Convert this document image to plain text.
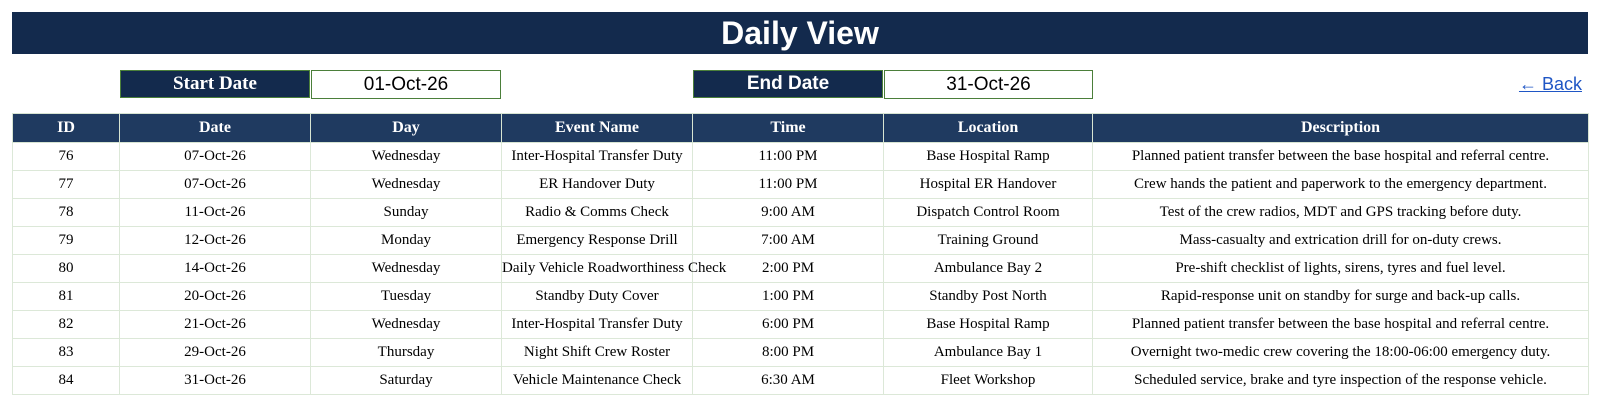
Daily View
Start Date	01-Oct-26	End Date	31-Oct-26	← Back
ID	Date	Day	Event Name	Time	Location	Description
76	07-Oct-26	Wednesday	Inter-Hospital Transfer Duty	11:00 PM	Base Hospital Ramp	Planned patient transfer between the base hospital and referral centre.
77	07-Oct-26	Wednesday	ER Handover Duty	11:00 PM	Hospital ER Handover	Crew hands the patient and paperwork to the emergency department.
78	11-Oct-26	Sunday	Radio & Comms Check	9:00 AM	Dispatch Control Room	Test of the crew radios, MDT and GPS tracking before duty.
79	12-Oct-26	Monday	Emergency Response Drill	7:00 AM	Training Ground	Mass-casualty and extrication drill for on-duty crews.
80	14-Oct-26	Wednesday	Daily Vehicle Roadworthiness Check	2:00 PM	Ambulance Bay 2	Pre-shift checklist of lights, sirens, tyres and fuel level.
81	20-Oct-26	Tuesday	Standby Duty Cover	1:00 PM	Standby Post North	Rapid-response unit on standby for surge and back-up calls.
82	21-Oct-26	Wednesday	Inter-Hospital Transfer Duty	6:00 PM	Base Hospital Ramp	Planned patient transfer between the base hospital and referral centre.
83	29-Oct-26	Thursday	Night Shift Crew Roster	8:00 PM	Ambulance Bay 1	Overnight two-medic crew covering the 18:00-06:00 emergency duty.
84	31-Oct-26	Saturday	Vehicle Maintenance Check	6:30 AM	Fleet Workshop	Scheduled service, brake and tyre inspection of the response vehicle.
